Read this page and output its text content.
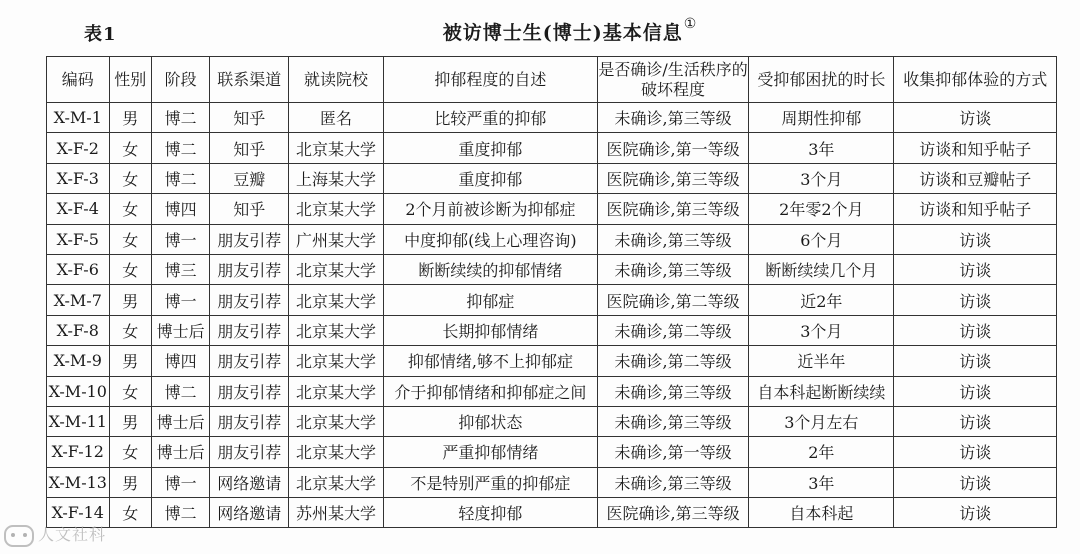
表1	被访博士生(博士)基本信息①
编码	性别	阶段	联系渠道	就读院校	抑郁程度的自述	是否确诊/生活秩序的破坏程度	受抑郁困扰的时长	收集抑郁体验的方式
X-M-1	男	博二	知乎	匿名	比较严重的抑郁	未确诊,第三等级	周期性抑郁	访谈
X-F-2	女	博二	知乎	北京某大学	重度抑郁	医院确诊,第一等级	3年	访谈和知乎帖子
X-F-3	女	博二	豆瓣	上海某大学	重度抑郁	医院确诊,第三等级	3个月	访谈和豆瓣帖子
X-F-4	女	博四	知乎	北京某大学	2个月前被诊断为抑郁症	医院确诊,第三等级	2年零2个月	访谈和知乎帖子
X-F-5	女	博一	朋友引荐	广州某大学	中度抑郁(线上心理咨询)	未确诊,第三等级	6个月	访谈
X-F-6	女	博三	朋友引荐	北京某大学	断断续续的抑郁情绪	未确诊,第三等级	断断续续几个月	访谈
X-M-7	男	博一	朋友引荐	北京某大学	抑郁症	医院确诊,第二等级	近2年	访谈
X-F-8	女	博士后	朋友引荐	北京某大学	长期抑郁情绪	未确诊,第二等级	3个月	访谈
X-M-9	男	博四	朋友引荐	北京某大学	抑郁情绪,够不上抑郁症	未确诊,第二等级	近半年	访谈
X-M-10	女	博二	朋友引荐	北京某大学	介于抑郁情绪和抑郁症之间	未确诊,第三等级	自本科起断断续续	访谈
X-M-11	男	博士后	朋友引荐	北京某大学	抑郁状态	未确诊,第三等级	3个月左右	访谈
X-F-12	女	博士后	朋友引荐	北京某大学	严重抑郁情绪	未确诊,第一等级	2年	访谈
X-M-13	男	博一	网络邀请	北京某大学	不是特别严重的抑郁症	未确诊,第三等级	3年	访谈
X-F-14	女	博二	网络邀请	苏州某大学	轻度抑郁	医院确诊,第三等级	自本科起	访谈
人文社科
